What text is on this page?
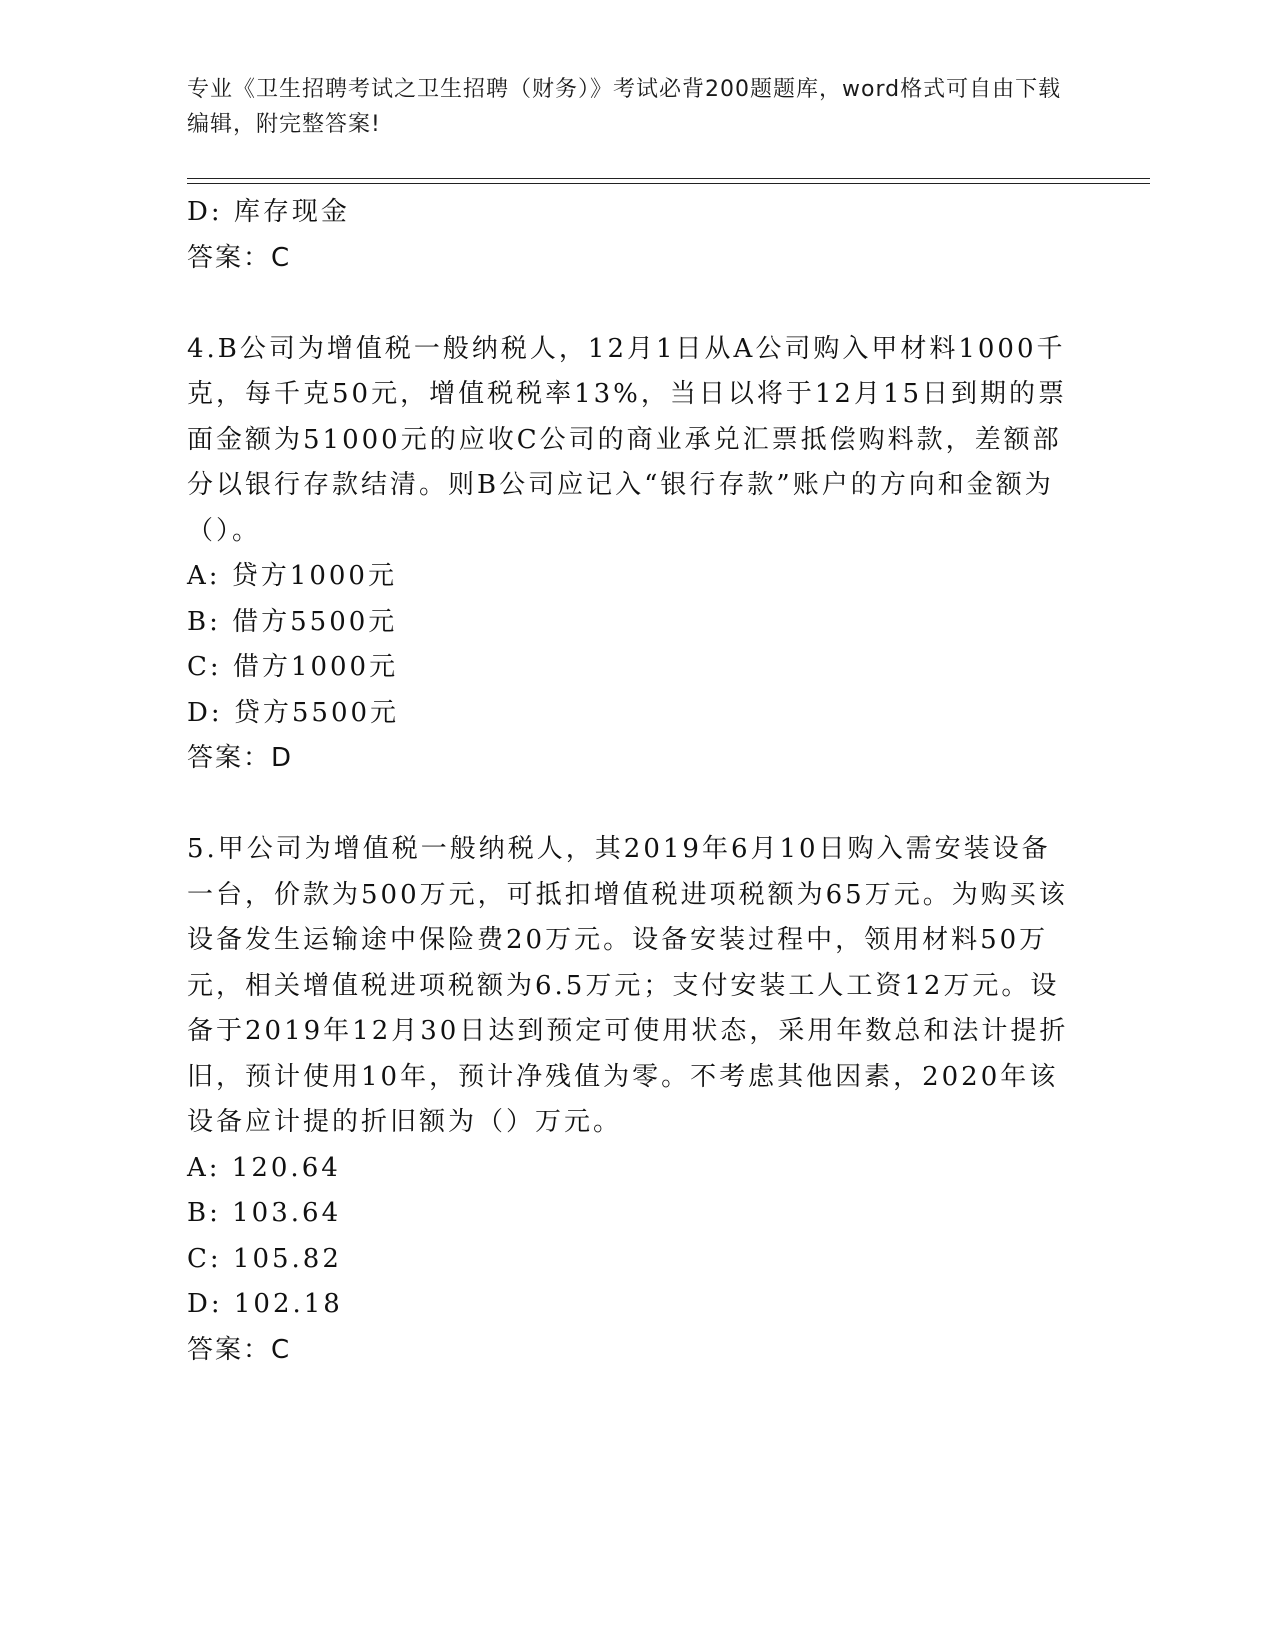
专业《卫生招聘考试之卫生招聘（财务）》考试必背200题题库，word格式可自由下载编辑，附完整答案!
D: 库存现金
答案：C
4.B公司为增值税一般纳税人，12月1日从A公司购入甲材料1000千克，每千克50元，增值税税率13%，当日以将于12月15日到期的票面金额为51000元的应收C公司的商业承兑汇票抵偿购料款，差额部分以银行存款结清。则B公司应记入“银行存款”账户的方向和金额为（）。
A: 贷方1000元
B: 借方5500元
C: 借方1000元
D: 贷方5500元
答案：D
5.甲公司为增值税一般纳税人，其2019年6月10日购入需安装设备一台，价款为500万元，可抵扣增值税进项税额为65万元。为购买该设备发生运输途中保险费20万元。设备安装过程中，领用材料50万元，相关增值税进项税额为6.5万元；支付安装工人工资12万元。设备于2019年12月30日达到预定可使用状态，采用年数总和法计提折旧，预计使用10年，预计净残值为零。不考虑其他因素，2020年该设备应计提的折旧额为（）万元。
A: 120.64
B: 103.64
C: 105.82
D: 102.18
答案：C
